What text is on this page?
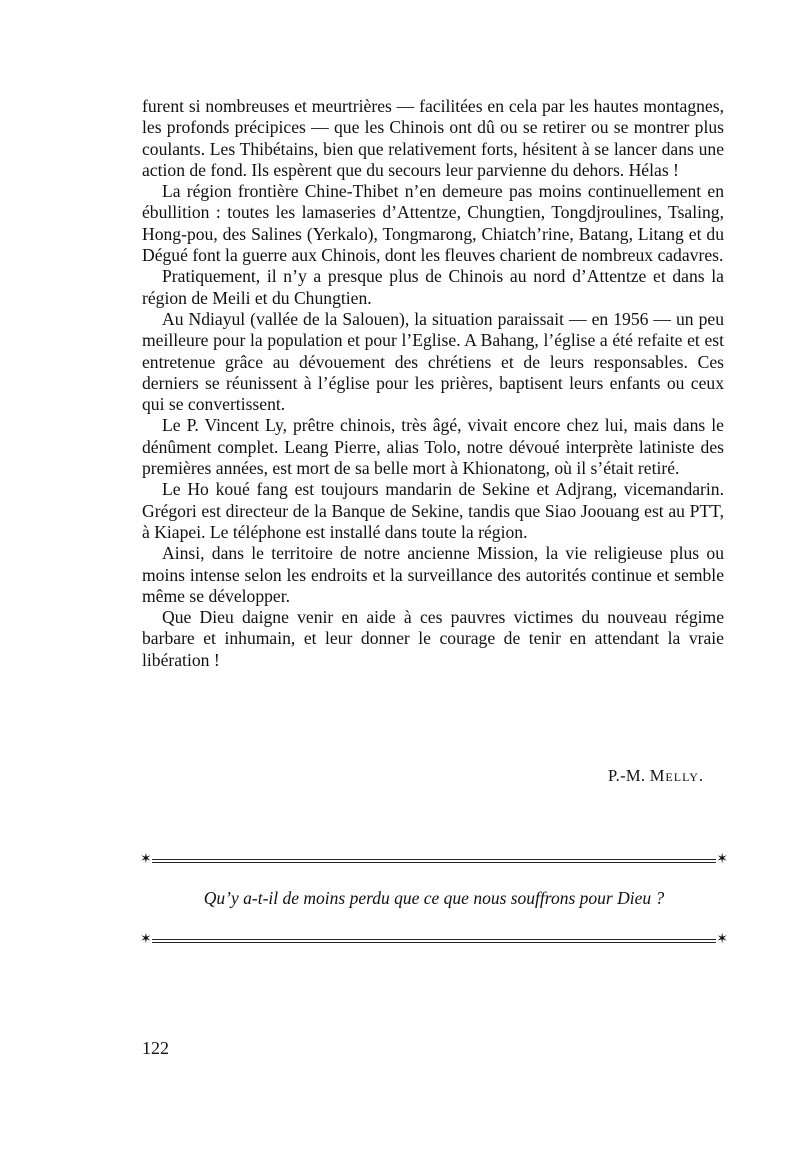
furent si nombreuses et meurtrières — facilitées en cela par les hautes montagnes, les profonds précipices — que les Chinois ont dû ou se retirer ou se montrer plus coulants. Les Thibétains, bien que relativement forts, hésitent à se lancer dans une action de fond. Ils espèrent que du secours leur parvienne du dehors. Hélas !

La région frontière Chine-Thibet n’en demeure pas moins continuellement en ébullition : toutes les lamaseries d’Attentze, Chungtien, Tongdjroulines, Tsaling, Hong-pou, des Salines (Yerkalo), Tongmarong, Chiatch’rine, Batang, Litang et du Dégué font la guerre aux Chinois, dont les fleuves charient de nombreux cadavres.

Pratiquement, il n’y a presque plus de Chinois au nord d’Attentze et dans la région de Meili et du Chungtien.

Au Ndiayul (vallée de la Salouen), la situation paraissait — en 1956 — un peu meilleure pour la population et pour l’Eglise. A Bahang, l’église a été refaite et est entretenue grâce au dévouement des chrétiens et de leurs responsables. Ces derniers se réunissent à l’église pour les prières, baptisent leurs enfants ou ceux qui se convertissent.

Le P. Vincent Ly, prêtre chinois, très âgé, vivait encore chez lui, mais dans le dénûment complet. Leang Pierre, alias Tolo, notre dévoué interprète latiniste des premières années, est mort de sa belle mort à Khionatong, où il s’était retiré.

Le Ho koué fang est toujours mandarin de Sekine et Adjrang, vicemandarin. Grégori est directeur de la Banque de Sekine, tandis que Siao Joouang est au PTT, à Kiapei. Le téléphone est installé dans toute la région.

Ainsi, dans le territoire de notre ancienne Mission, la vie religieuse plus ou moins intense selon les endroits et la surveillance des autorités continue et semble même se développer.

Que Dieu daigne venir en aide à ces pauvres victimes du nouveau régime barbare et inhumain, et leur donner le courage de tenir en attendant la vraie libération !

P.-M. Melly.
✶	✶
Qu’y a-t-il de moins perdu que ce que nous souffrons pour Dieu ?
✶	✶
122
